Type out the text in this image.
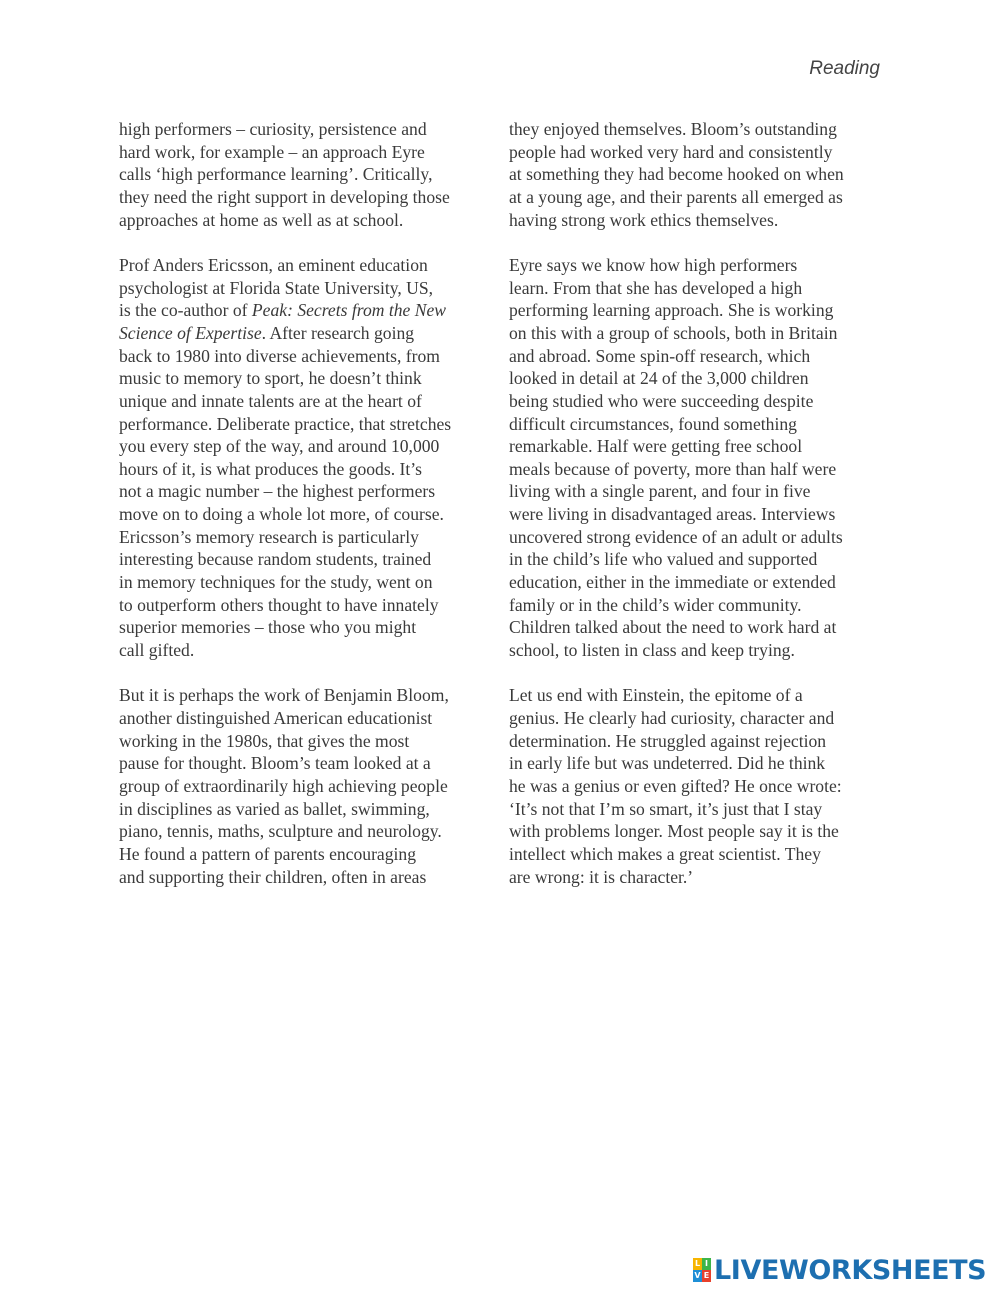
Reading

high performers – curiosity, persistence and
hard work, for example – an approach Eyre
calls ‘high performance learning’. Critically,
they need the right support in developing those
approaches at home as well as at school.

Prof Anders Ericsson, an eminent education
psychologist at Florida State University, US,
is the co-author of Peak: Secrets from the New
Science of Expertise. After research going
back to 1980 into diverse achievements, from
music to memory to sport, he doesn’t think
unique and innate talents are at the heart of
performance. Deliberate practice, that stretches
you every step of the way, and around 10,000
hours of it, is what produces the goods. It’s
not a magic number – the highest performers
move on to doing a whole lot more, of course.
Ericsson’s memory research is particularly
interesting because random students, trained
in memory techniques for the study, went on
to outperform others thought to have innately
superior memories – those who you might
call gifted.

But it is perhaps the work of Benjamin Bloom,
another distinguished American educationist
working in the 1980s, that gives the most
pause for thought. Bloom’s team looked at a
group of extraordinarily high achieving people
in disciplines as varied as ballet, swimming,
piano, tennis, maths, sculpture and neurology.
He found a pattern of parents encouraging
and supporting their children, often in areas

they enjoyed themselves. Bloom’s outstanding
people had worked very hard and consistently
at something they had become hooked on when
at a young age, and their parents all emerged as
having strong work ethics themselves.

Eyre says we know how high performers
learn. From that she has developed a high
performing learning approach. She is working
on this with a group of schools, both in Britain
and abroad. Some spin-off research, which
looked in detail at 24 of the 3,000 children
being studied who were succeeding despite
difficult circumstances, found something
remarkable. Half were getting free school
meals because of poverty, more than half were
living with a single parent, and four in five
were living in disadvantaged areas. Interviews
uncovered strong evidence of an adult or adults
in the child’s life who valued and supported
education, either in the immediate or extended
family or in the child’s wider community.
Children talked about the need to work hard at
school, to listen in class and keep trying.

Let us end with Einstein, the epitome of a
genius. He clearly had curiosity, character and
determination. He struggled against rejection
in early life but was undeterred. Did he think
he was a genius or even gifted? He once wrote:
‘It’s not that I’m so smart, it’s just that I stay
with problems longer. Most people say it is the
intellect which makes a great scientist. They
are wrong: it is character.’

L I
V E LIVEWORKSHEETS
